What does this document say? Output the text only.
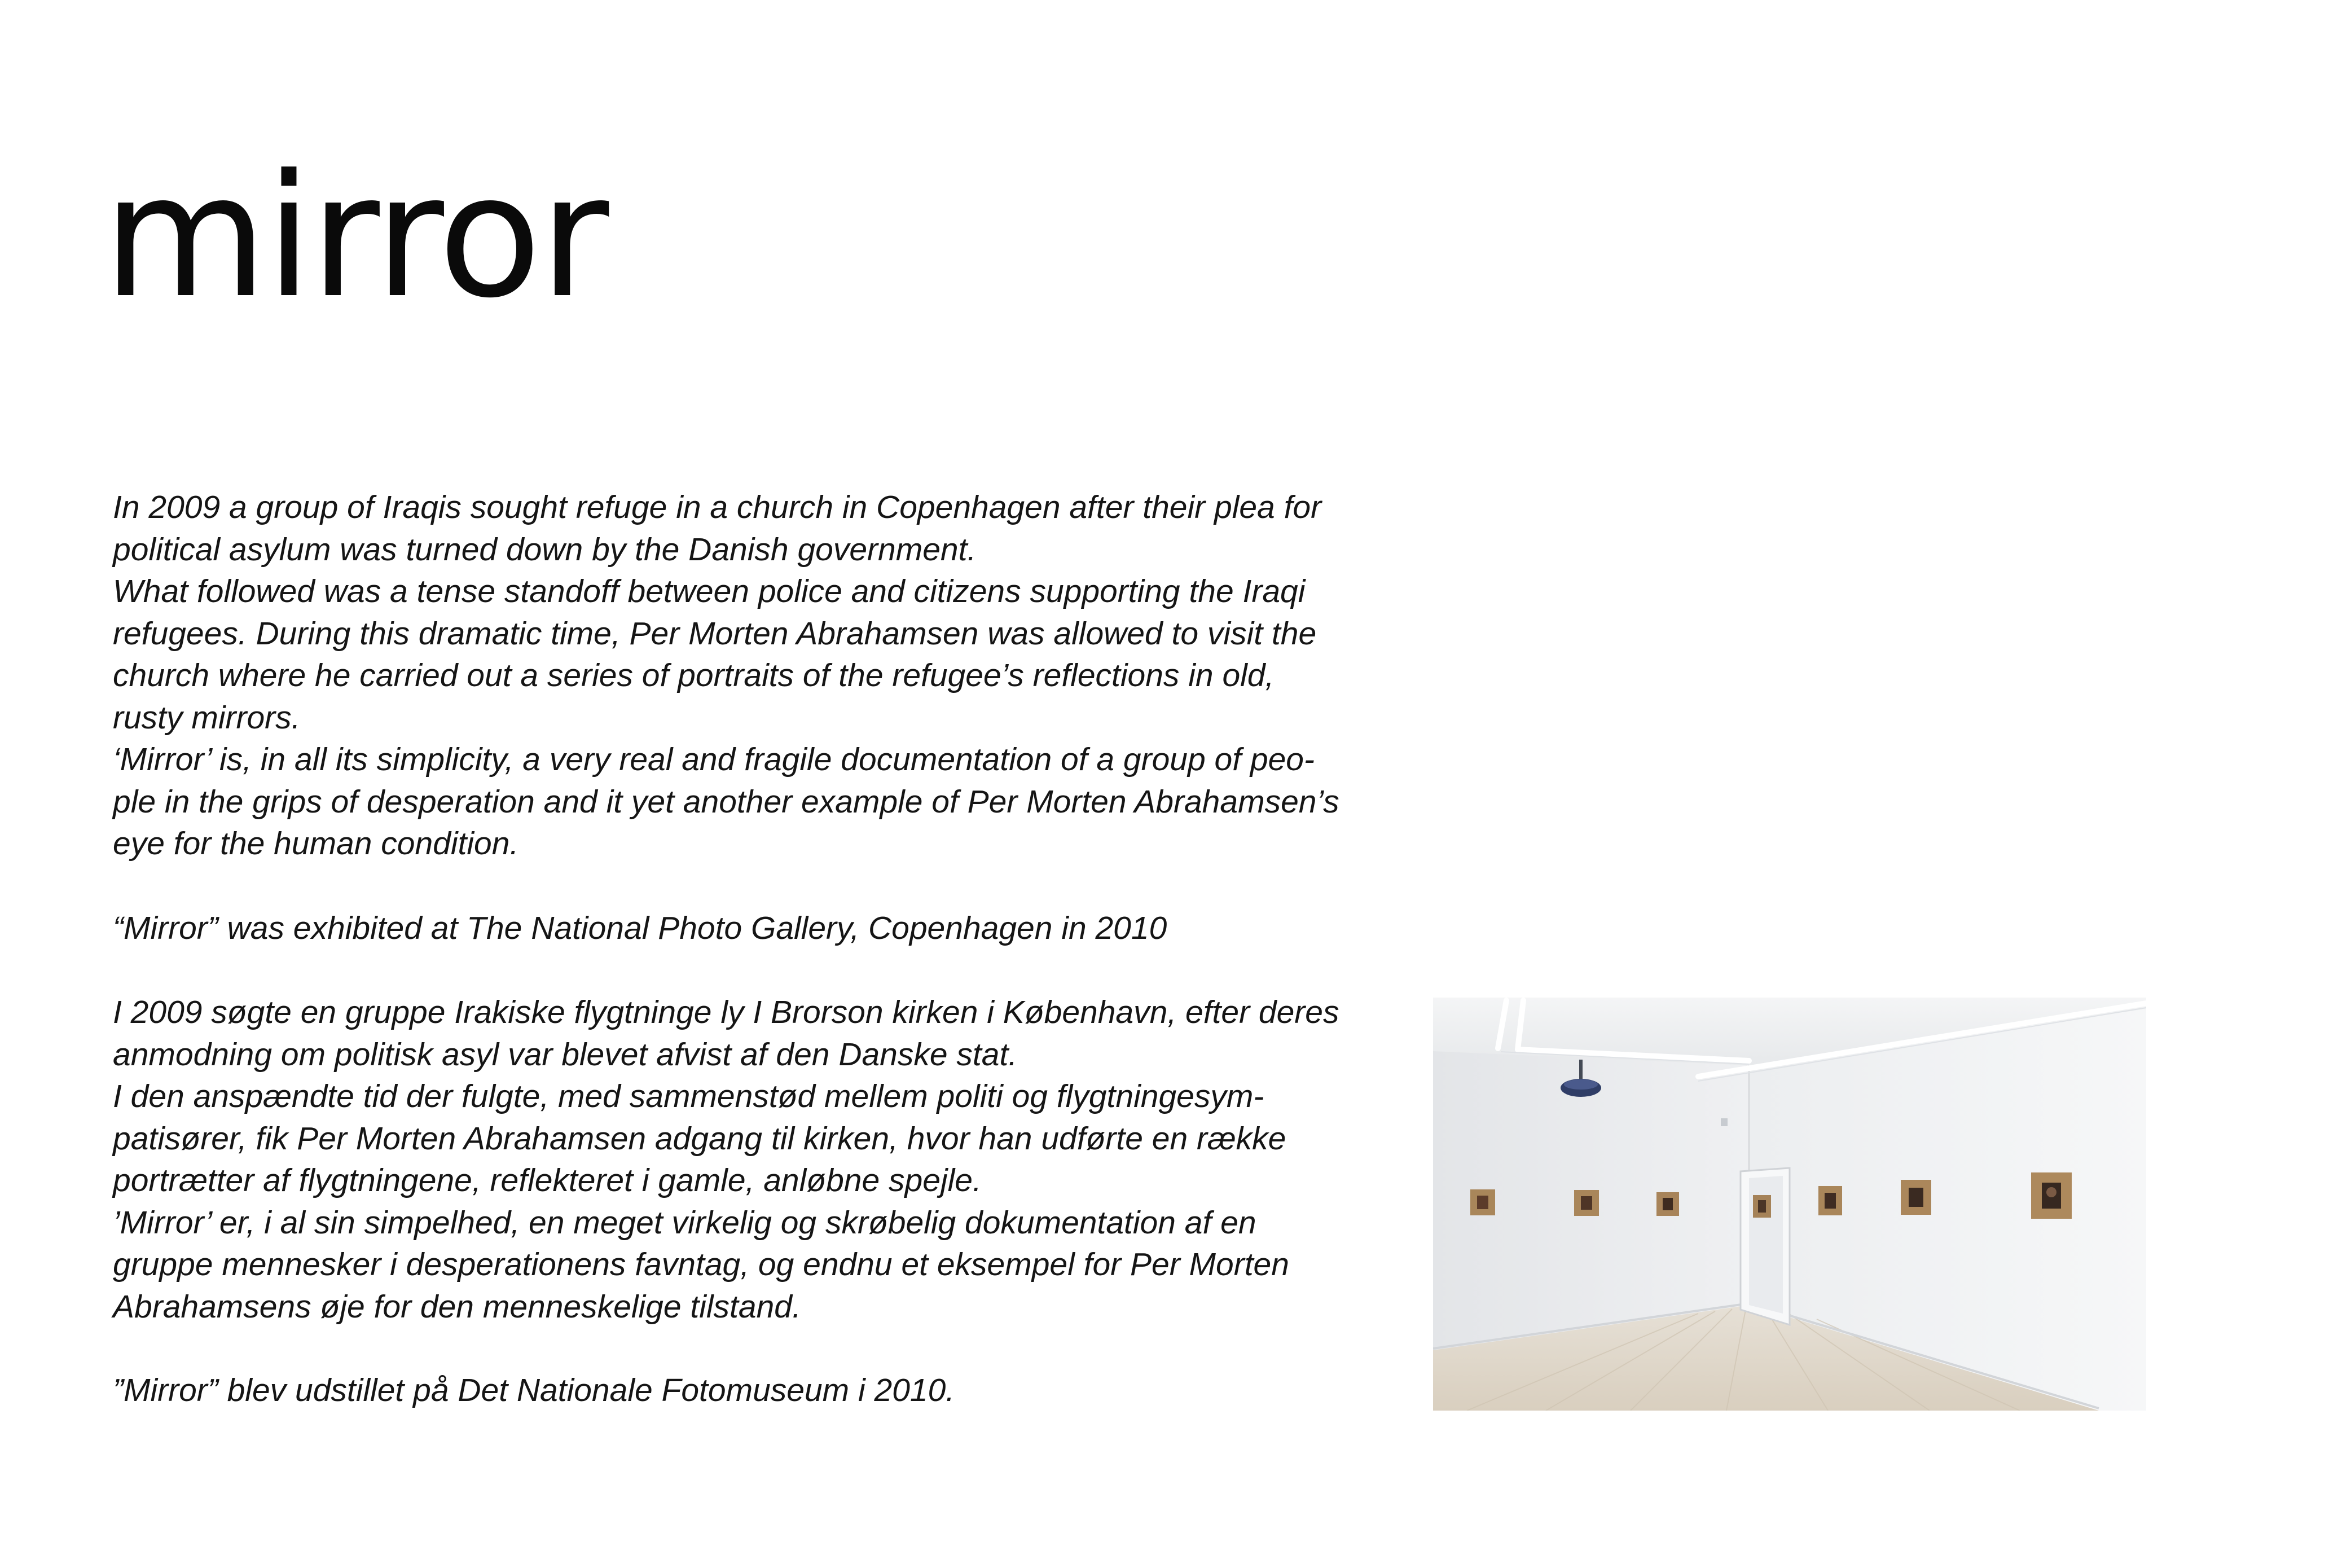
mirror

In 2009 a group of Iraqis sought refuge in a church in Copenhagen after their plea for

political asylum was turned down by the Danish government.

What followed was a tense standoff between police and citizens supporting the Iraqi

refugees. During this dramatic time, Per Morten Abrahamsen was allowed to visit the

church where he carried out a series of portraits of the refugee’s reflections in old,

rusty mirrors.

‘Mirror’ is, in all its simplicity, a very real and fragile documentation of a group of peo-

ple in the grips of desperation and it yet another example of Per Morten Abrahamsen’s

eye for the human condition.

“Mirror” was exhibited at The National Photo Gallery, Copenhagen in 2010

I 2009 søgte en gruppe Irakiske flygtninge ly I Brorson kirken i København, efter deres

anmodning om politisk asyl var blevet afvist af den Danske stat.

I den anspændte tid der fulgte, med sammenstød mellem politi og flygtningesym-

patisører, fik Per Morten Abrahamsen adgang til kirken, hvor han udførte en række

portrætter af flygtningene, reflekteret i gamle, anløbne spejle.

’Mirror’ er, i al sin simpelhed, en meget virkelig og skrøbelig dokumentation af en

gruppe mennesker i desperationens favntag, og endnu et eksempel for Per Morten

Abrahamsens øje for den menneskelige tilstand.

”Mirror” blev udstillet på Det Nationale Fotomuseum i 2010.
